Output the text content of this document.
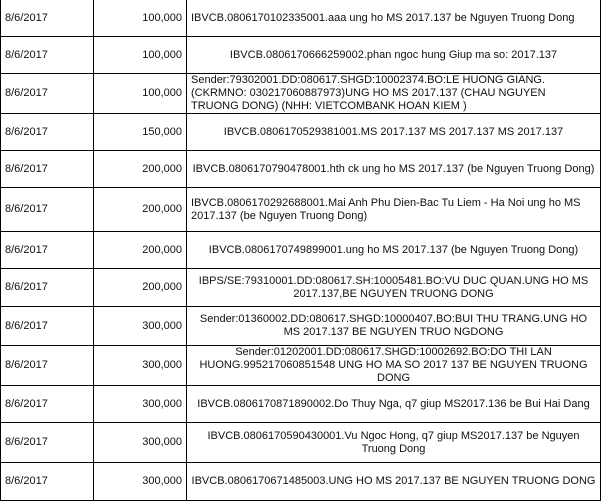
8/6/2017	100,000	IBVCB.0806170102335001.aaa ung ho MS 2017.137 be Nguyen Truong Dong
8/6/2017	100,000	IBVCB.0806170666259002.phan ngoc hung Giup ma so: 2017.137
8/6/2017	100,000	Sender:79302001.DD:080617.SHGD:10002374.BO:LE HUONG GIANG.(CKRMNO: 0302170608879​73)UNG HO MS 2017.137 (CHAU NGUYEN TRUONG DONG) (NHH: VIETCOMBANK HOAN KIEM )
8/6/2017	150,000	IBVCB.0806170529381001.MS 2017.137 MS 2017.137 MS 2017.137
8/6/2017	200,000	IBVCB.0806170790478001.hth ck ung ho MS 2017.137 (be Nguyen Truong Dong)
8/6/2017	200,000	IBVCB.0806170292688001.Mai Anh Phu Dien-Bac Tu Liem - Ha Noi ung ho MS 2017.137 (be Nguyen Truong Dong)
8/6/2017	200,000	IBVCB.0806170749899001.ung ho MS 2017.137 (be Nguyen Truong Dong)
8/6/2017	200,000	IBPS/SE:79310001.DD:080617.SH:10005481.BO:VU DUC QUAN.UNG HO MS 2017.137,BE NGUYEN TRUONG DONG
8/6/2017	300,000	Sender:01360002.DD:080617.SHGD:10000407.BO:BUI THU TRANG.UNG HO MS 2017.137 BE NGUYEN TRUO NGDONG
8/6/2017	300,000	Sender:01202001.DD:080617.SHGD:10002692.BO:DO THI LAN HUONG.995217060851548 UNG HO MA SO 2017 137 BE NGUYEN TRUONG DONG
8/6/2017	300,000	IBVCB.0806170871890002.Do Thuy Nga, q7 giup MS2017.136 be Bui Hai Dang
8/6/2017	300,000	IBVCB.0806170590430001.Vu Ngoc Hong, q7 giup MS2017.137 be Nguyen Truong Dong
8/6/2017	300,000	IBVCB.0806170671485003.UNG HO MS 2017.137 BE NGUYEN TRUONG DONG
